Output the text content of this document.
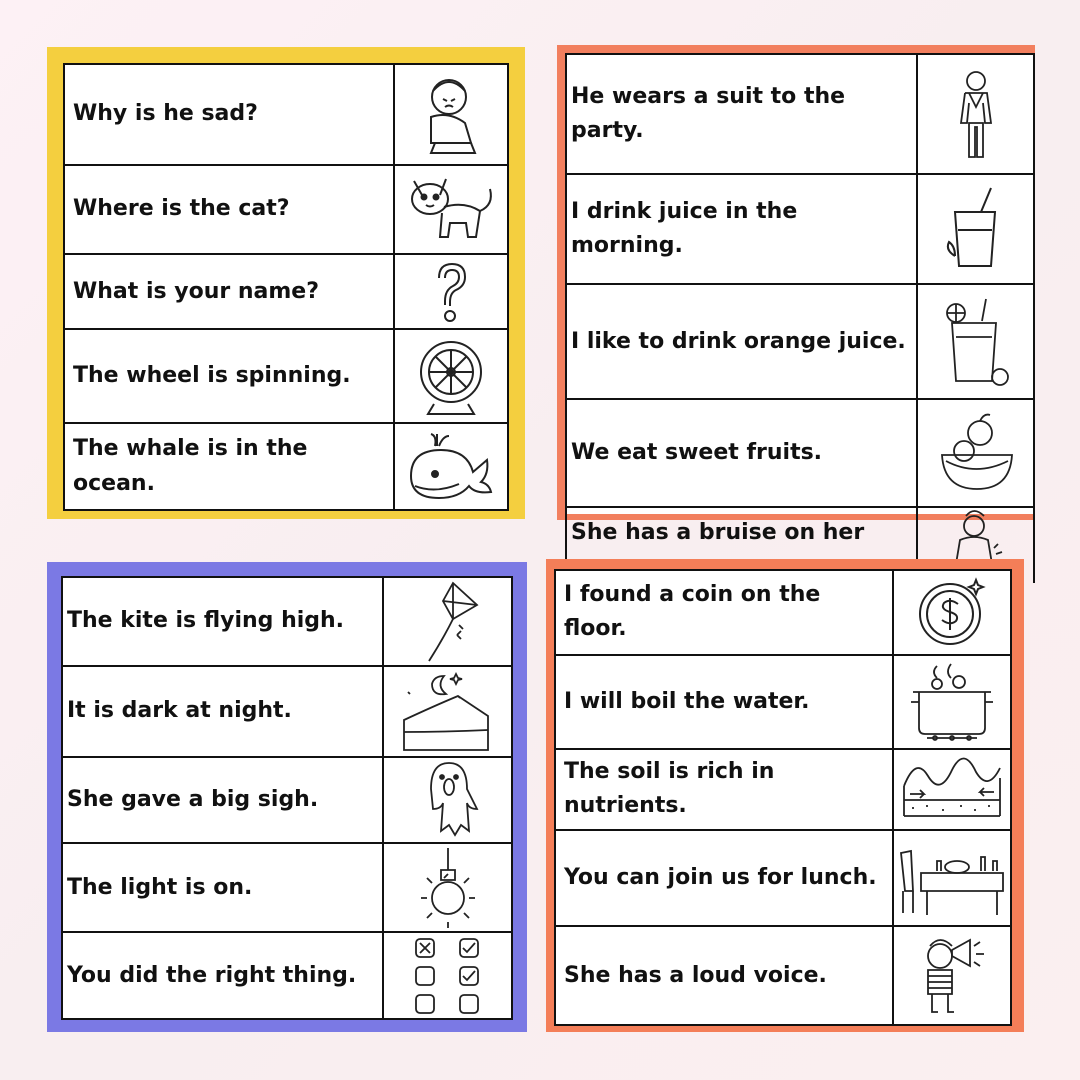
Why is he sad?	

Where is the cat?	

What is your name?	

The wheel is spinning.	

The whale is in the ocean.	
He wears a suit to the party.	

I drink juice in the morning.	

I like to drink orange juice.	

We eat sweet fruits.	

She has a bruise on her	
The kite is flying high.	

It is dark at night.	

She gave a big sigh.	

The light is on.	

You did the right thing.	
I found a coin on the floor.	

I will boil the water.	

The soil is rich in nutrients.	

You can join us for lunch.	

She has a loud voice.	
